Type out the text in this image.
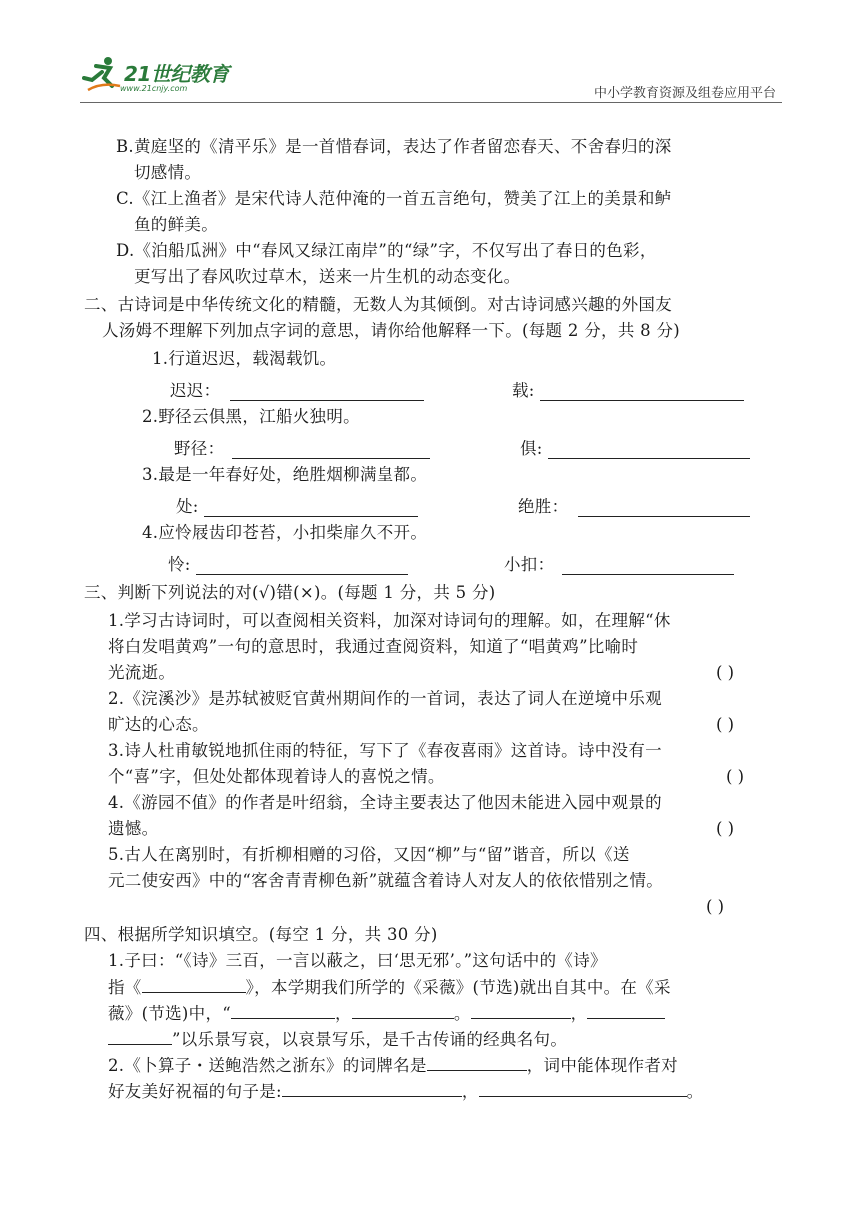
21世纪教育
www.21cnjy.com	中小学教育资源及组卷应用平台
B.黄庭坚的《清平乐》是一首惜春词，表达了作者留恋春天、不舍春归的深
切感情。
C.《江上渔者》是宋代诗人范仲淹的一首五言绝句，赞美了江上的美景和鲈
鱼的鲜美。
D.《泊船瓜洲》中“春风又绿江南岸”的“绿”字，不仅写出了春日的色彩，
更写出了春风吹过草木，送来一片生机的动态变化。
二、古诗词是中华传统文化的精髓，无数人为其倾倒。对古诗词感兴趣的外国友
人汤姆不理解下列加点字词的意思，请你给他解释一下。(每题 2 分，共 8 分)
1.行道迟迟，载渴载饥。
迟迟：	载:
2.野径云俱黑，江船火独明。
野径：	俱:
3.最是一年春好处，绝胜烟柳满皇都。
处:	绝胜：
4.应怜屐齿印苍苔，小扣柴扉久不开。
怜:	小扣：
三、判断下列说法的对(√)错(×)。(每题 1 分，共 5 分)
1.学习古诗词时，可以查阅相关资料，加深对诗词句的理解。如，在理解“休
将白发唱黄鸡”一句的意思时，我通过查阅资料，知道了“唱黄鸡”比喻时
光流逝。	( )
2.《浣溪沙》是苏轼被贬官黄州期间作的一首词，表达了词人在逆境中乐观
旷达的心态。	( )
3.诗人杜甫敏锐地抓住雨的特征，写下了《春夜喜雨》这首诗。诗中没有一
个“喜”字，但处处都体现着诗人的喜悦之情。	( )
4.《游园不值》的作者是叶绍翁，全诗主要表达了他因未能进入园中观景的
遗憾。	( )
5.古人在离别时，有折柳相赠的习俗，又因“柳”与“留”谐音，所以《送
元二使安西》中的“客舍青青柳色新”就蕴含着诗人对友人的依依惜别之情。
( )
四、根据所学知识填空。(每空 1 分，共 30 分)
1.子曰：“《诗》三百，一言以蔽之，曰‘思无邪’。”这句话中的《诗》
指《	》，本学期我们所学的《采薇》(节选)就出自其中。在《采
薇》(节选)中，“	，	。	，
”以乐景写哀，以哀景写乐，是千古传诵的经典名句。
2.《卜算子・送鲍浩然之浙东》的词牌名是	，词中能体现作者对
好友美好祝福的句子是:	，	。
